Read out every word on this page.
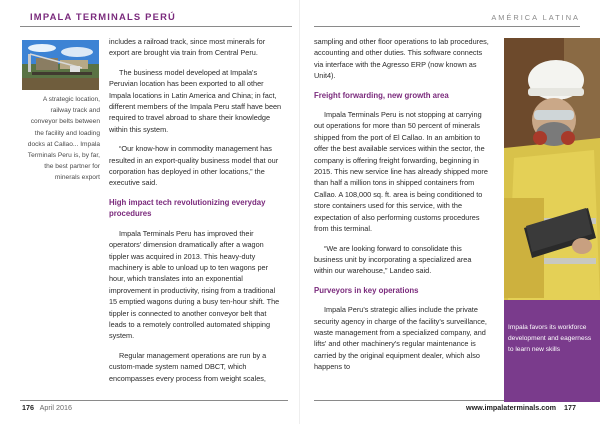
IMPALA TERMINALS PERÚ
A strategic location, railway track and conveyor belts between the facility and loading docks at Callao... Impala Terminals Peru is, by far, the best partner for minerals export

includes a railroad track, since most minerals for export are brought via train from Central Peru.

The business model developed at Impala's Peruvian location has been exported to all other Impala locations in Latin America and China; in fact, different members of the Impala Peru staff have been required to travel abroad to share their knowledge within this system.

“Our know-how in commodity management has resulted in an export-quality business model that our corporation has deployed in other locations,” the executive said.

High impact tech revolutionizing everyday procedures

Impala Terminals Peru has improved their operators' dimension dramatically after a wagon tippler was acquired in 2013. This heavy-duty machinery is able to unload up to ten wagons per hour, which translates into an exponential improvement in productivity, rising from a traditional 15 emptied wagons during a busy ten-hour shift. The tippler is connected to another conveyor belt that leads to a remotely controlled automated shipping system.

Regular management operations are run by a custom-made system named DBCT, which encompasses every process from weight scales,

176 April 2016
AMÉRICA LATINA

sampling and other floor operations to lab procedures, accounting and other duties. This software connects via interface with the Agresso ERP (now known as Unit4).

Freight forwarding, new growth area

Impala Terminals Peru is not stopping at carrying out operations for more than 50 percent of minerals shipped from the port of El Callao. In an ambition to offer the best available services within the sector, the company is offering freight forwarding, beginning in 2015. This new service line has already shipped more than half a million tons in shipped containers from Callao. A 108,000 sq. ft. area is being conditioned to store containers used for this service, with the expectation of also performing customs procedures from this terminal.

“We are looking forward to consolidate this business unit by incorporating a specialized area within our warehouse,” Landeo said.

Purveyors in key operations

Impala Peru's strategic allies include the private security agency in charge of the facility's surveillance, waste management from a specialized company, and lifts' and other machinery's regular maintenance is carried by the original equipment dealer, which also happens to

www.impalaterminals.com 177
Impala favors its workforce development and eagerness to learn new skills
